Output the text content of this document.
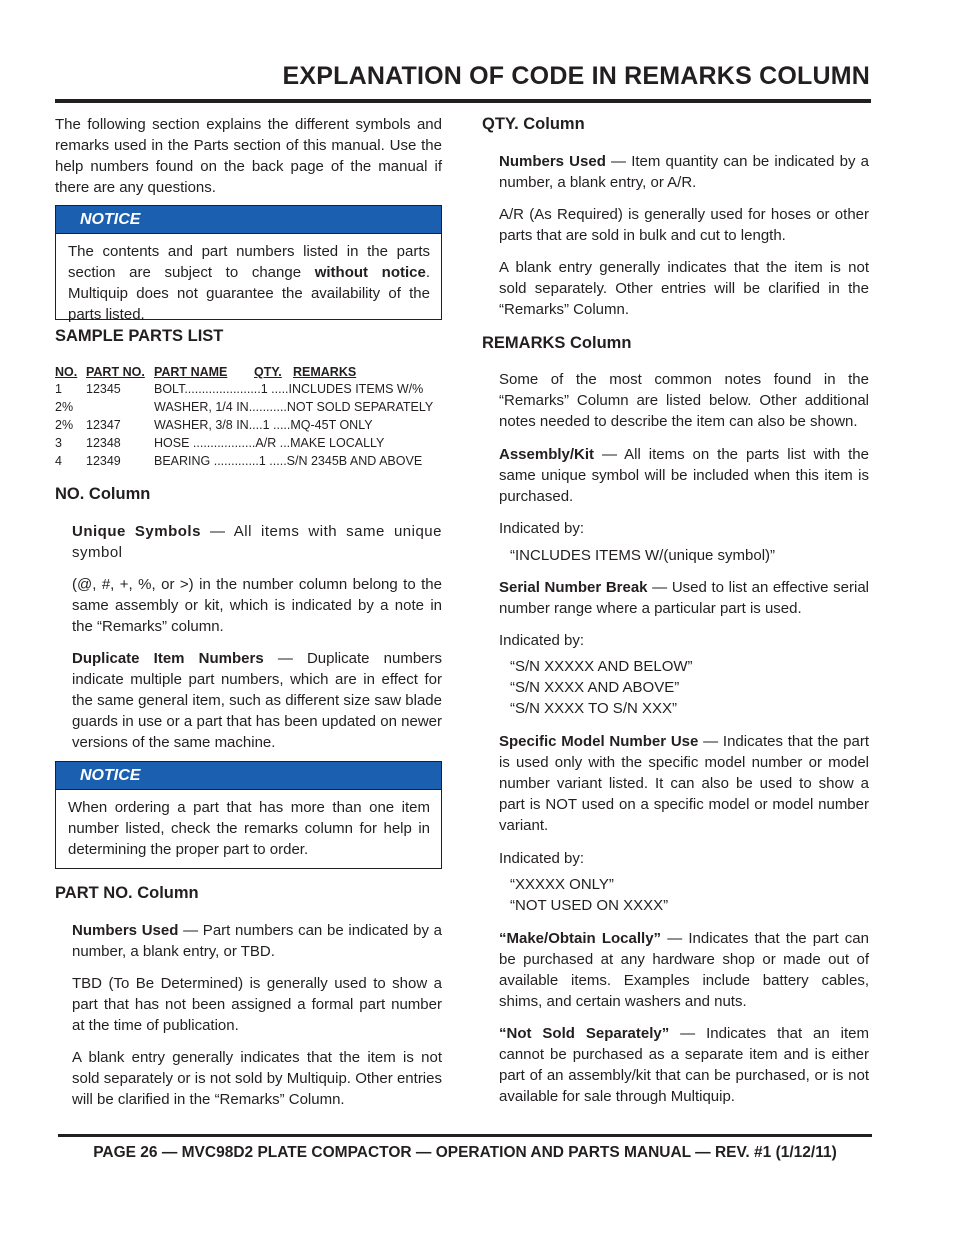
EXPLANATION OF CODE IN REMARKS COLUMN

The following section explains the different symbols and remarks used in the Parts section of this manual. Use the help numbers found on the back page of the manual if there are any questions.

NOTICE
The contents and part numbers listed in the parts section are subject to change without notice. Multiquip does not guarantee the availability of the parts listed.
SAMPLE PARTS LIST
NO.	PART NO.	PART NAME	QTY.	REMARKS
1	12345	BOLT......................1 .....INCLUDES ITEMS W/%		
2%		WASHER, 1/4 IN...........NOT SOLD SEPARATELY		
2%	12347	WASHER, 3/8 IN....1 .....MQ-45T ONLY		
3	12348	HOSE ..................A/R ...MAKE LOCALLY		
4	12349	BEARING .............1 .....S/N 2345B AND ABOVE		
NO. Column

Unique Symbols — All items with same unique symbol

(@, #, +, %, or >) in the number column belong to the same assembly or kit, which is indicated by a note in the “Remarks” column.

Duplicate Item Numbers — Duplicate numbers indicate multiple part numbers, which are in effect for the same general item, such as different size saw blade guards in use or a part that has been updated on newer versions of the same machine.

NOTICE
When ordering a part that has more than one item number listed, check the remarks column for help in determining the proper part to order.
PART NO. Column

Numbers Used — Part numbers can be indicated by a number, a blank entry, or TBD.

TBD (To Be Determined) is generally used to show a part that has not been assigned a formal part number at the time of publication.

A blank entry generally indicates that the item is not sold separately or is not sold by Multiquip. Other entries will be clarified in the “Remarks” Column.

QTY. Column

Numbers Used — Item quantity can be indicated by a number, a blank entry, or A/R.

A/R (As Required) is generally used for hoses or other parts that are sold in bulk and cut to length.

A blank entry generally indicates that the item is not sold separately. Other entries will be clarified in the “Remarks” Column.

REMARKS Column

Some of the most common notes found in the “Remarks” Column are listed below. Other additional notes needed to describe the item can also be shown.

Assembly/Kit — All items on the parts list with the same unique symbol will be included when this item is purchased.

Indicated by:

“INCLUDES ITEMS W/(unique symbol)”

Serial Number Break — Used to list an effective serial number range where a particular part is used.

Indicated by:

“S/N XXXXX AND BELOW”

“S/N XXXX AND ABOVE”

“S/N XXXX TO S/N XXX”

Specific Model Number Use — Indicates that the part is used only with the specific model number or model number variant listed. It can also be used to show a part is NOT used on a specific model or model number variant.

Indicated by:

“XXXXX ONLY”

“NOT USED ON XXXX”

“Make/Obtain Locally” — Indicates that the part can be purchased at any hardware shop or made out of available items. Examples include battery cables, shims, and certain washers and nuts.

“Not Sold Separately” — Indicates that an item cannot be purchased as a separate item and is either part of an assembly/kit that can be purchased, or is not available for sale through Multiquip.

PAGE 26 — MVC98D2 PLATE COMPACTOR — OPERATION AND PARTS MANUAL — REV. #1 (1/12/11)
